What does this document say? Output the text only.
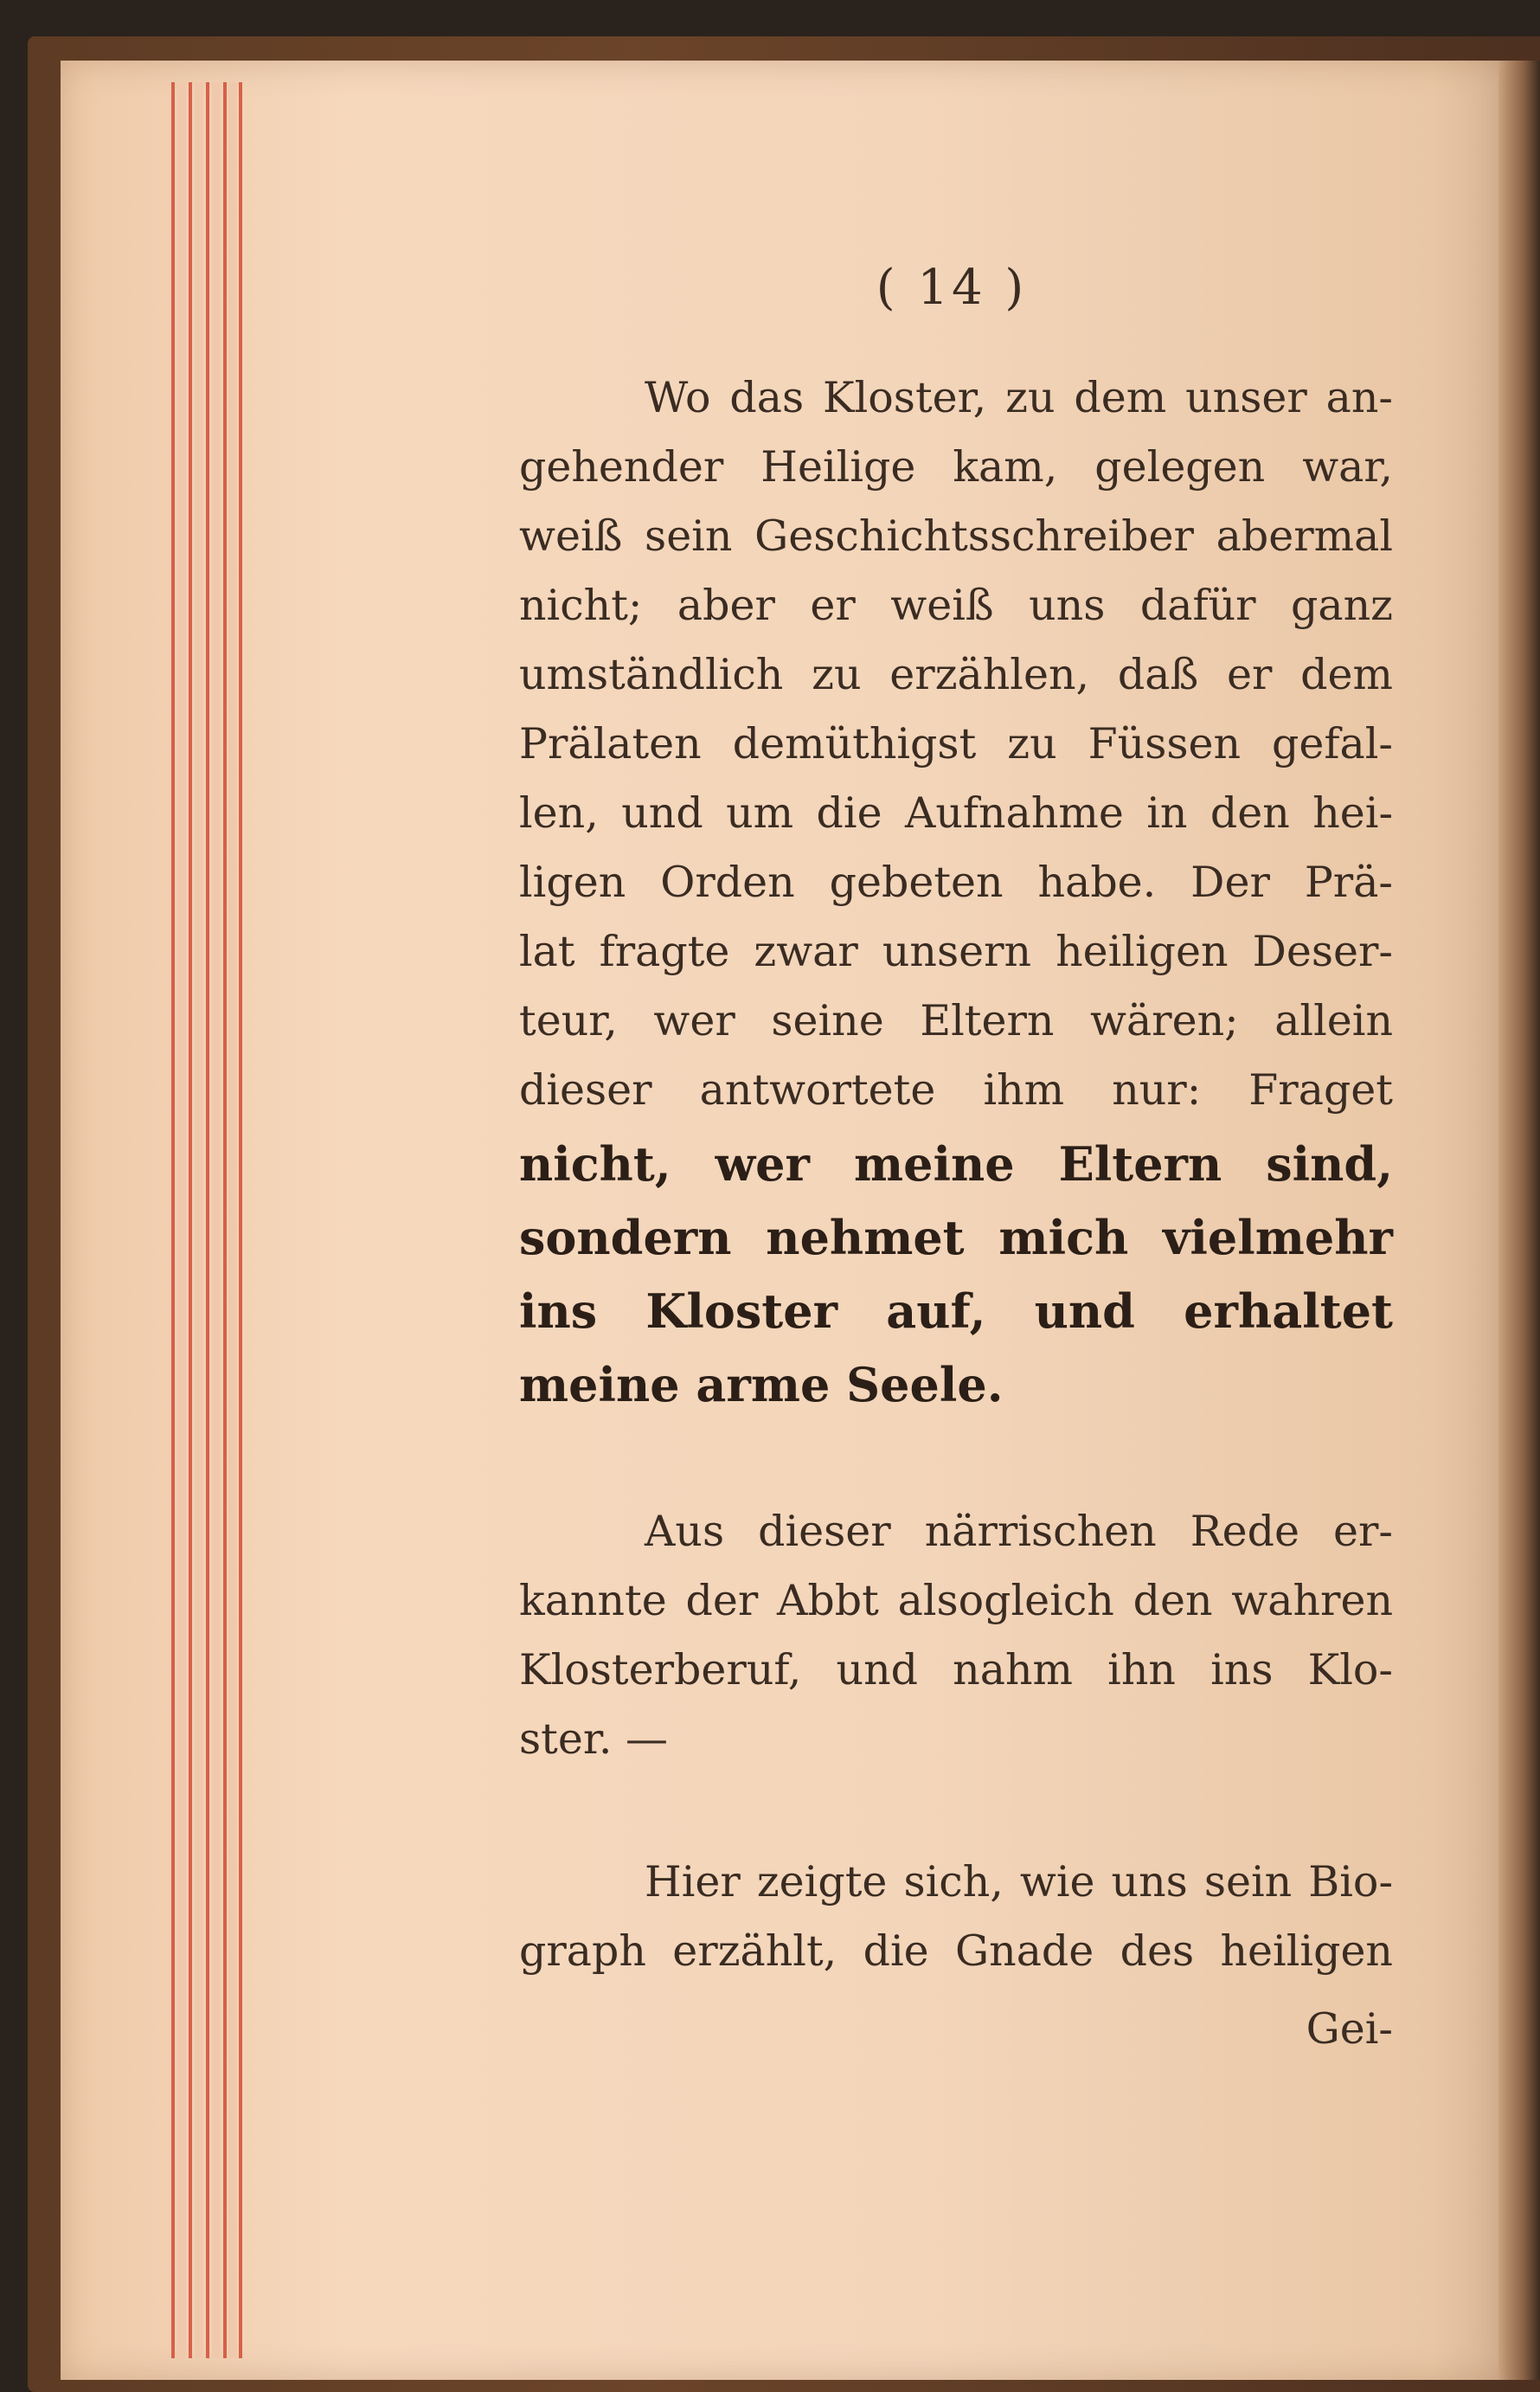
( 14 )
Wo das Kloster, zu dem unser an-
gehender Heilige kam, gelegen war,
weiß sein Geschichtsschreiber abermal
nicht; aber er weiß uns dafür ganz
umständlich zu erzählen, daß er dem
Prälaten demüthigst zu Füssen gefal-
len, und um die Aufnahme in den hei-
ligen Orden gebeten habe. Der Prä-
lat fragte zwar unsern heiligen Deser-
teur, wer seine Eltern wären; allein
dieser antwortete ihm nur: Fraget
nicht, wer meine Eltern sind,
sondern nehmet mich vielmehr
ins Kloster auf, und erhaltet
meine arme Seele.
Aus dieser närrischen Rede er-
kannte der Abbt alsogleich den wahren
Klosterberuf, und nahm ihn ins Klo-
ster. —
Hier zeigte sich, wie uns sein Bio-
graph erzählt, die Gnade des heiligen
Gei-
